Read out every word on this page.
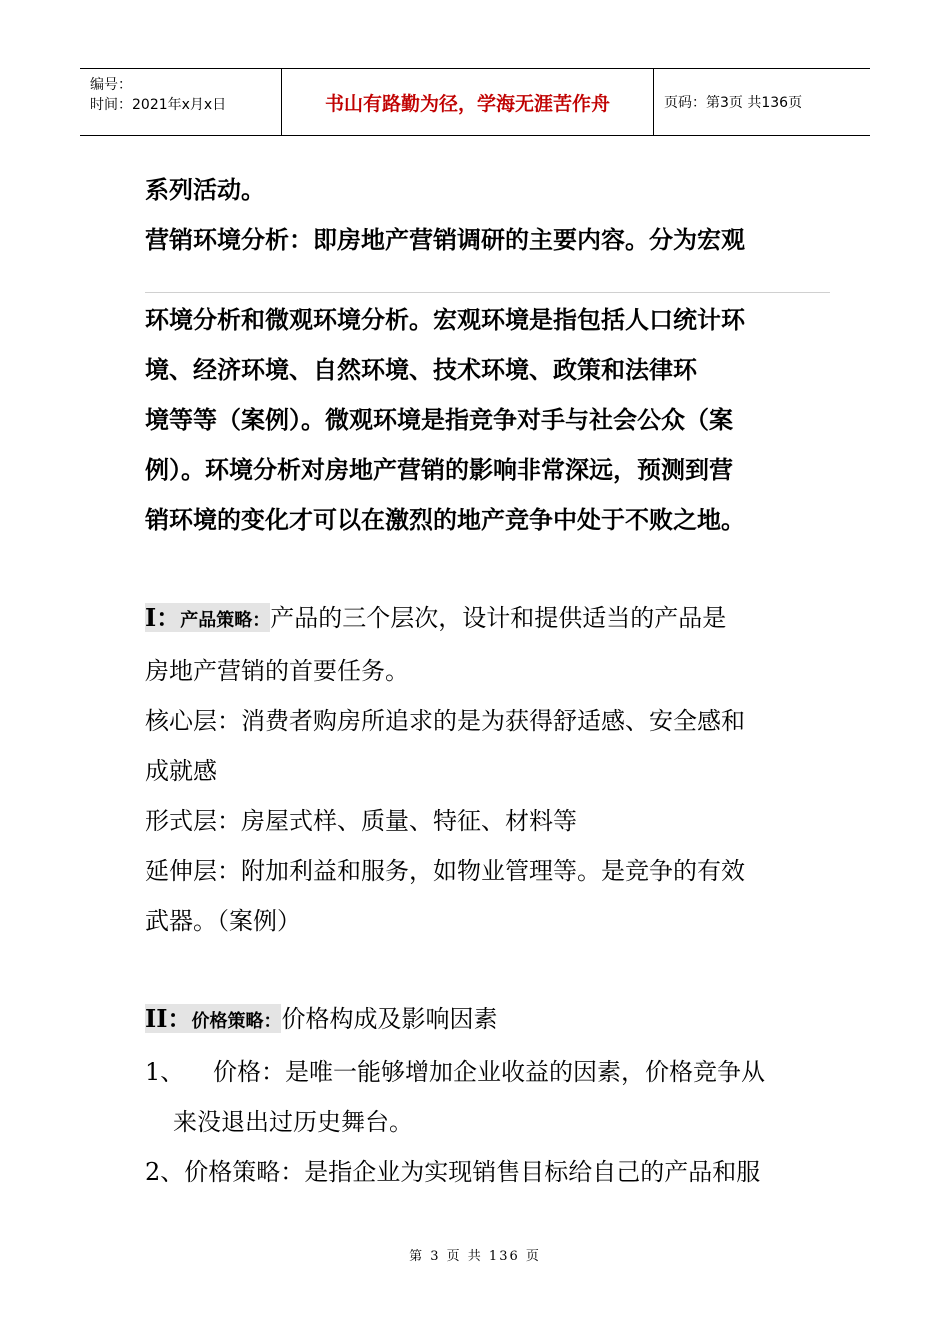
编号：
时间：2021年x月x日	书山有路勤为径，学海无涯苦作舟	页码：第3页 共136页

系列活动。

营销环境分析：即房地产营销调研的主要内容。分为宏观

环境分析和微观环境分析。宏观环境是指包括人口统计环

境、经济环境、自然环境、技术环境、政策和法律环

境等等（案例）。微观环境是指竞争对手与社会公众（案

例）。环境分析对房地产营销的影响非常深远，预测到营

销环境的变化才可以在激烈的地产竞争中处于不败之地。

I：产品策略：产品的三个层次，设计和提供适当的产品是

房地产营销的首要任务。

核心层：消费者购房所追求的是为获得舒适感、安全感和

成就感

形式层：房屋式样、质量、特征、材料等

延伸层：附加利益和服务，如物业管理等。是竞争的有效

武器。（案例）

II：价格策略：价格构成及影响因素

1、 价格：是唯一能够增加企业收益的因素，价格竞争从

来没退出过历史舞台。

2、价格策略：是指企业为实现销售目标给自己的产品和服

第 3 页 共 136 页
